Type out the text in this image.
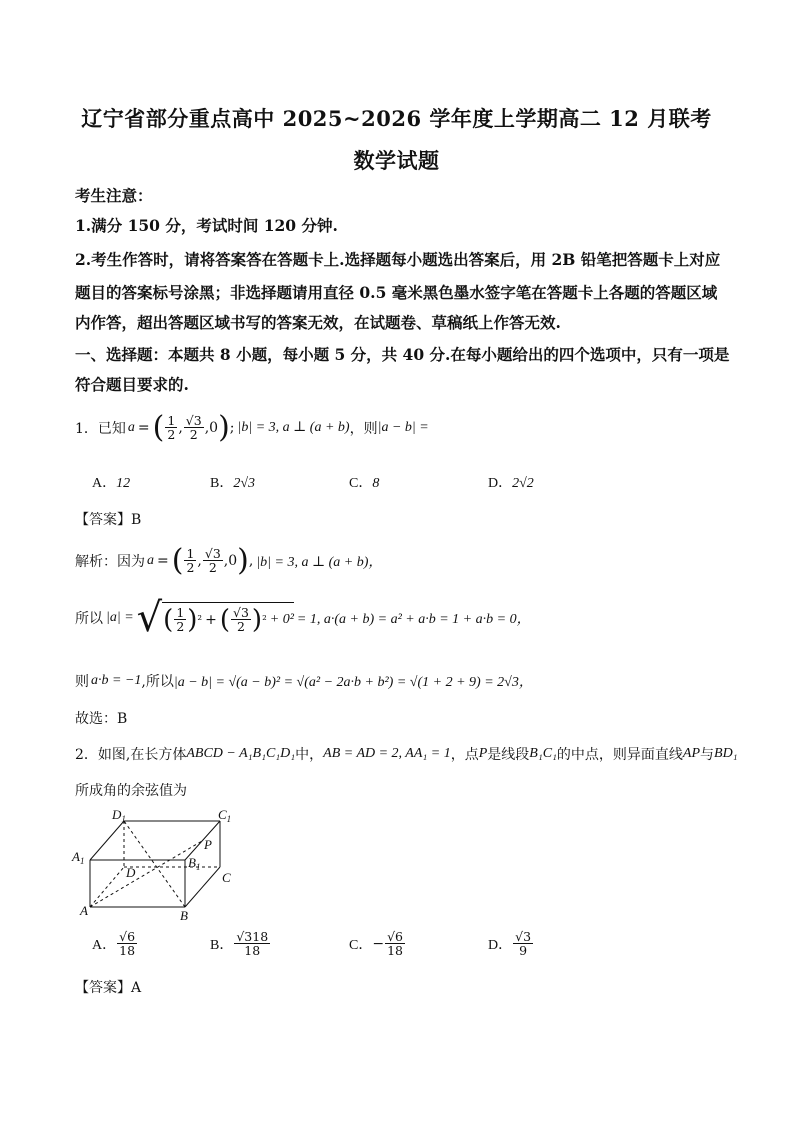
辽宁省部分重点高中 2025~2026 学年度上学期高二 12 月联考
数学试题
考生注意：
1.满分 150 分，考试时间 120 分钟.
2.考生作答时，请将答案答在答题卡上.选择题每小题选出答案后，用 2B 铅笔把答题卡上对应
题目的答案标号涂黑；非选择题请用直径 0.5 毫米黑色墨水签字笔在答题卡上各题的答题区域
内作答，超出答题区域书写的答案无效，在试题卷、草稿纸上作答无效.
一、选择题：本题共 8 小题，每小题 5 分，共 40 分.在每小题给出的四个选项中，只有一项是
符合题目要求的.
1．已知 a = ( $\frac{1}{2}$ , $\frac{√3}{2} ,0$ ) ; |b| = 3, a ⊥ (a + b) ，则 |a − b| =
A．12	B．2√3	C．8	D．2√2
【答案】B
解析：因为 a = ( $\frac{1}{2}$ , $\frac{√3}{2} ,0$ ) , |b| = 3, a ⊥ (a + b)，
所以 |a| = √ ( $\frac{1}{2}$ ) ² + ( $\frac{√3}{2}$ ) ² + 0² = 1, a·(a + b) = a² + a·b = 1 + a·b = 0，
则 a·b = −1 ,所以 |a − b| = √(a − b)² = √(a² − 2a·b + b²) = √(1 + 2 + 9) = 2√3，
故选：B
2．如图,在长方体 ABCD − A₁B₁C₁D₁ 中， AB = AD = 2, AA₁ = 1 ，点 P 是线段 B₁C₁ 的中点，则异面直线 AP 与 BD₁
所成角的余弦值为
$D_1$	$C_1$
$A_1$	$B_1$
P
D	C
A	B
A． $\frac{√6}{18}$	B． $\frac{√318}{18}$	C． − $\frac{√6}{18}$	D． $\frac{√3}{9}$
【答案】A
